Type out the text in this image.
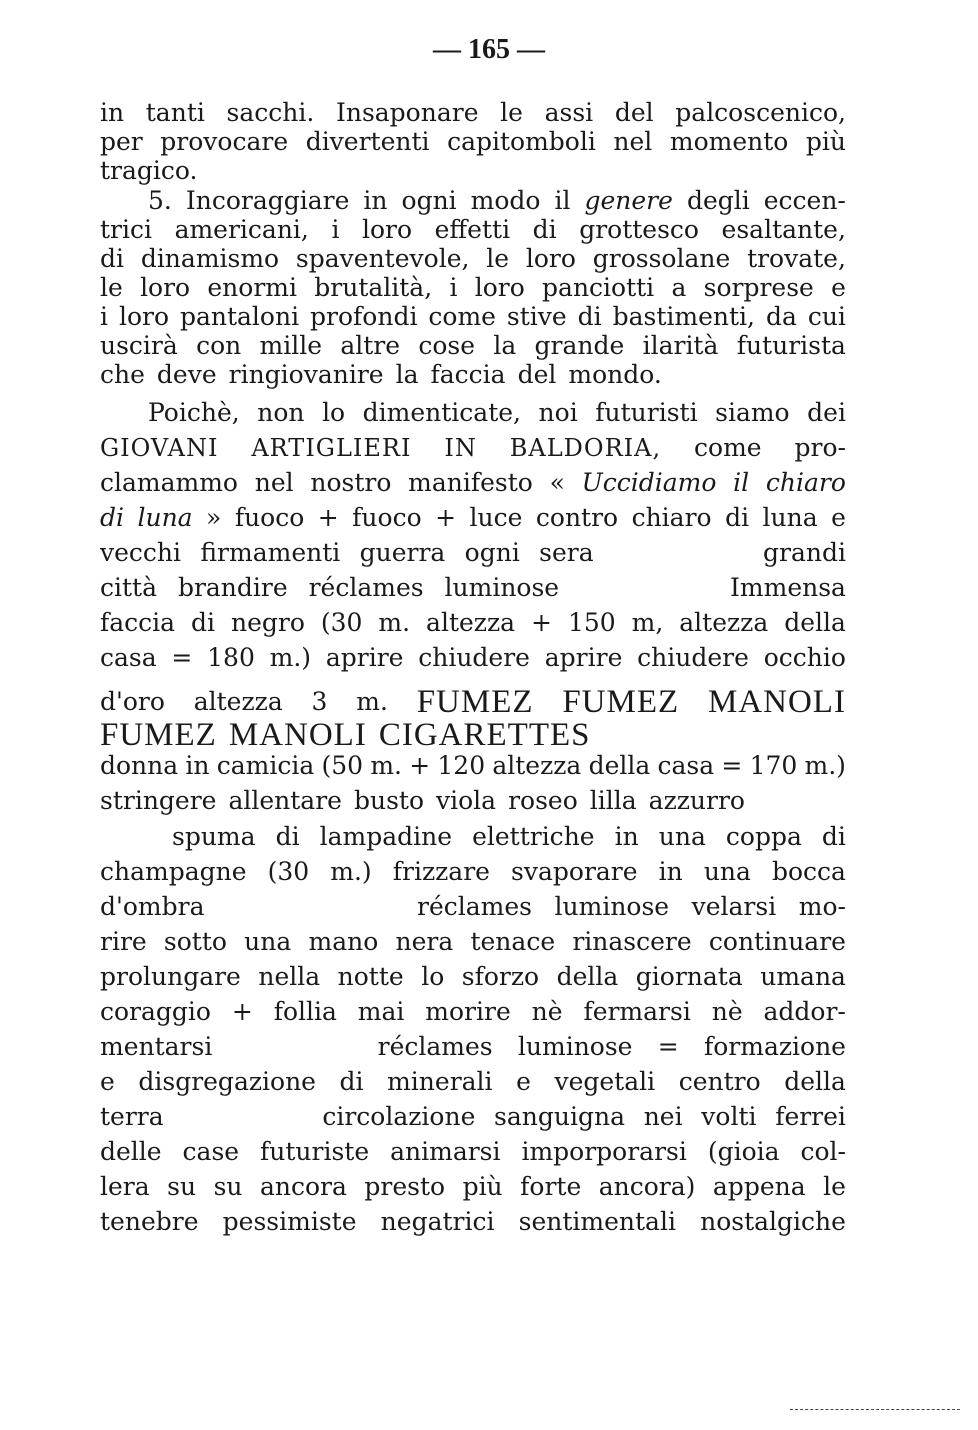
— 165 —
in tanti sacchi. Insaponare le assi del palcoscenico,
per provocare divertenti capitomboli nel momento più
tragico.
5. Incoraggiare in ogni modo il genere degli eccen-
trici americani, i loro effetti di grottesco esaltante,
di dinamismo spaventevole, le loro grossolane trovate,
le loro enormi brutalità, i loro panciotti a sorprese e
i loro pantaloni profondi come stive di bastimenti, da cui
uscirà con mille altre cose la grande ilarità futurista
che deve ringiovanire la faccia del mondo.
Poichè, non lo dimenticate, noi futuristi siamo dei
GIOVANI ARTIGLIERI IN BALDORIA, come pro-
clamammo nel nostro manifesto « Uccidiamo il chiaro
di luna » fuoco + fuoco + luce contro chiaro di luna e
vecchi firmamenti guerra ogni sera	grandi
città brandire réclames luminose	Immensa
faccia di negro (30 m. altezza + 150 m, altezza della
casa = 180 m.) aprire chiudere aprire chiudere occhio
d'oro altezza 3 m. FUMEZ FUMEZ MANOLI
FUMEZ MANOLI CIGARETTES
donna in camicia (50 m. + 120 altezza della casa = 170 m.)
stringere allentare busto viola roseo lilla azzurro
spuma di lampadine elettriche in una coppa di
champagne (30 m.) frizzare svaporare in una bocca
d'ombra	réclames luminose velarsi mo-
rire sotto una mano nera tenace rinascere continuare
prolungare nella notte lo sforzo della giornata umana
coraggio + follia mai morire nè fermarsi nè addor-
mentarsi	réclames luminose = formazione
e disgregazione di minerali e vegetali centro della
terra	circolazione sanguigna nei volti ferrei
delle case futuriste animarsi imporporarsi (gioia col-
lera su su ancora presto più forte ancora) appena le
tenebre pessimiste negatrici sentimentali nostalgiche
